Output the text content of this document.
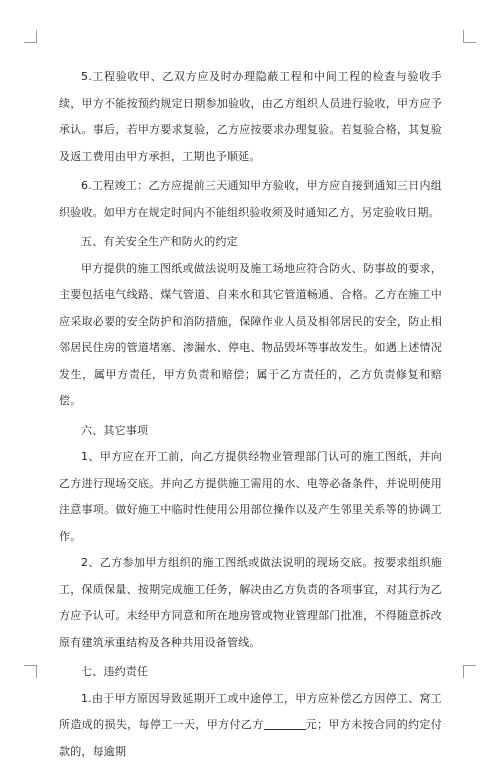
5.工程验收甲、乙双方应及时办理隐蔽工程和中间工程的检查与验收手续，甲方不能按预约规定日期参加验收，由乙方组织人员进行验收，甲方应予承认。事后，若甲方要求复验，乙方应按要求办理复验。若复验合格，其复验及返工费用由甲方承担，工期也予顺延。

6.工程竣工：乙方应提前三天通知甲方验收，甲方应自接到通知三日内组织验收。如甲方在规定时间内不能组织验收须及时通知乙方，另定验收日期。

五、有关安全生产和防火的约定

甲方提供的施工图纸或做法说明及施工场地应符合防火、防事故的要求，主要包括电气线路、煤气管道、自来水和其它管道畅通、合格。乙方在施工中应采取必要的安全防护和消防措施，保障作业人员及相邻居民的安全，防止相邻居民住房的管道堵塞、渗漏水、停电、物品毁坏等事故发生。如遇上述情况发生，属甲方责任，甲方负责和赔偿；属于乙方责任的，乙方负责修复和赔偿。

六、其它事项

1、甲方应在开工前，向乙方提供经物业管理部门认可的施工图纸，并向乙方进行现场交底。并向乙方提供施工需用的水、电等必备条件，并说明使用注意事项。做好施工中临时性使用公用部位操作以及产生邻里关系等的协调工作。

2、乙方参加甲方组织的施工图纸或做法说明的现场交底。按要求组织施工，保质保量、按期完成施工任务，解决由乙方负责的各项事宜，对其行为乙方应予认可。未经甲方同意和所在地房管或物业管理部门批准，不得随意拆改原有建筑承重结构及各种共用设备管线。

七、违约责任

1.由于甲方原因导致延期开工或中途停工，甲方应补偿乙方因停工、窝工所造成的损失，每停工一天，甲方付乙方	元；甲方未按合同的约定付款的，每逾期
